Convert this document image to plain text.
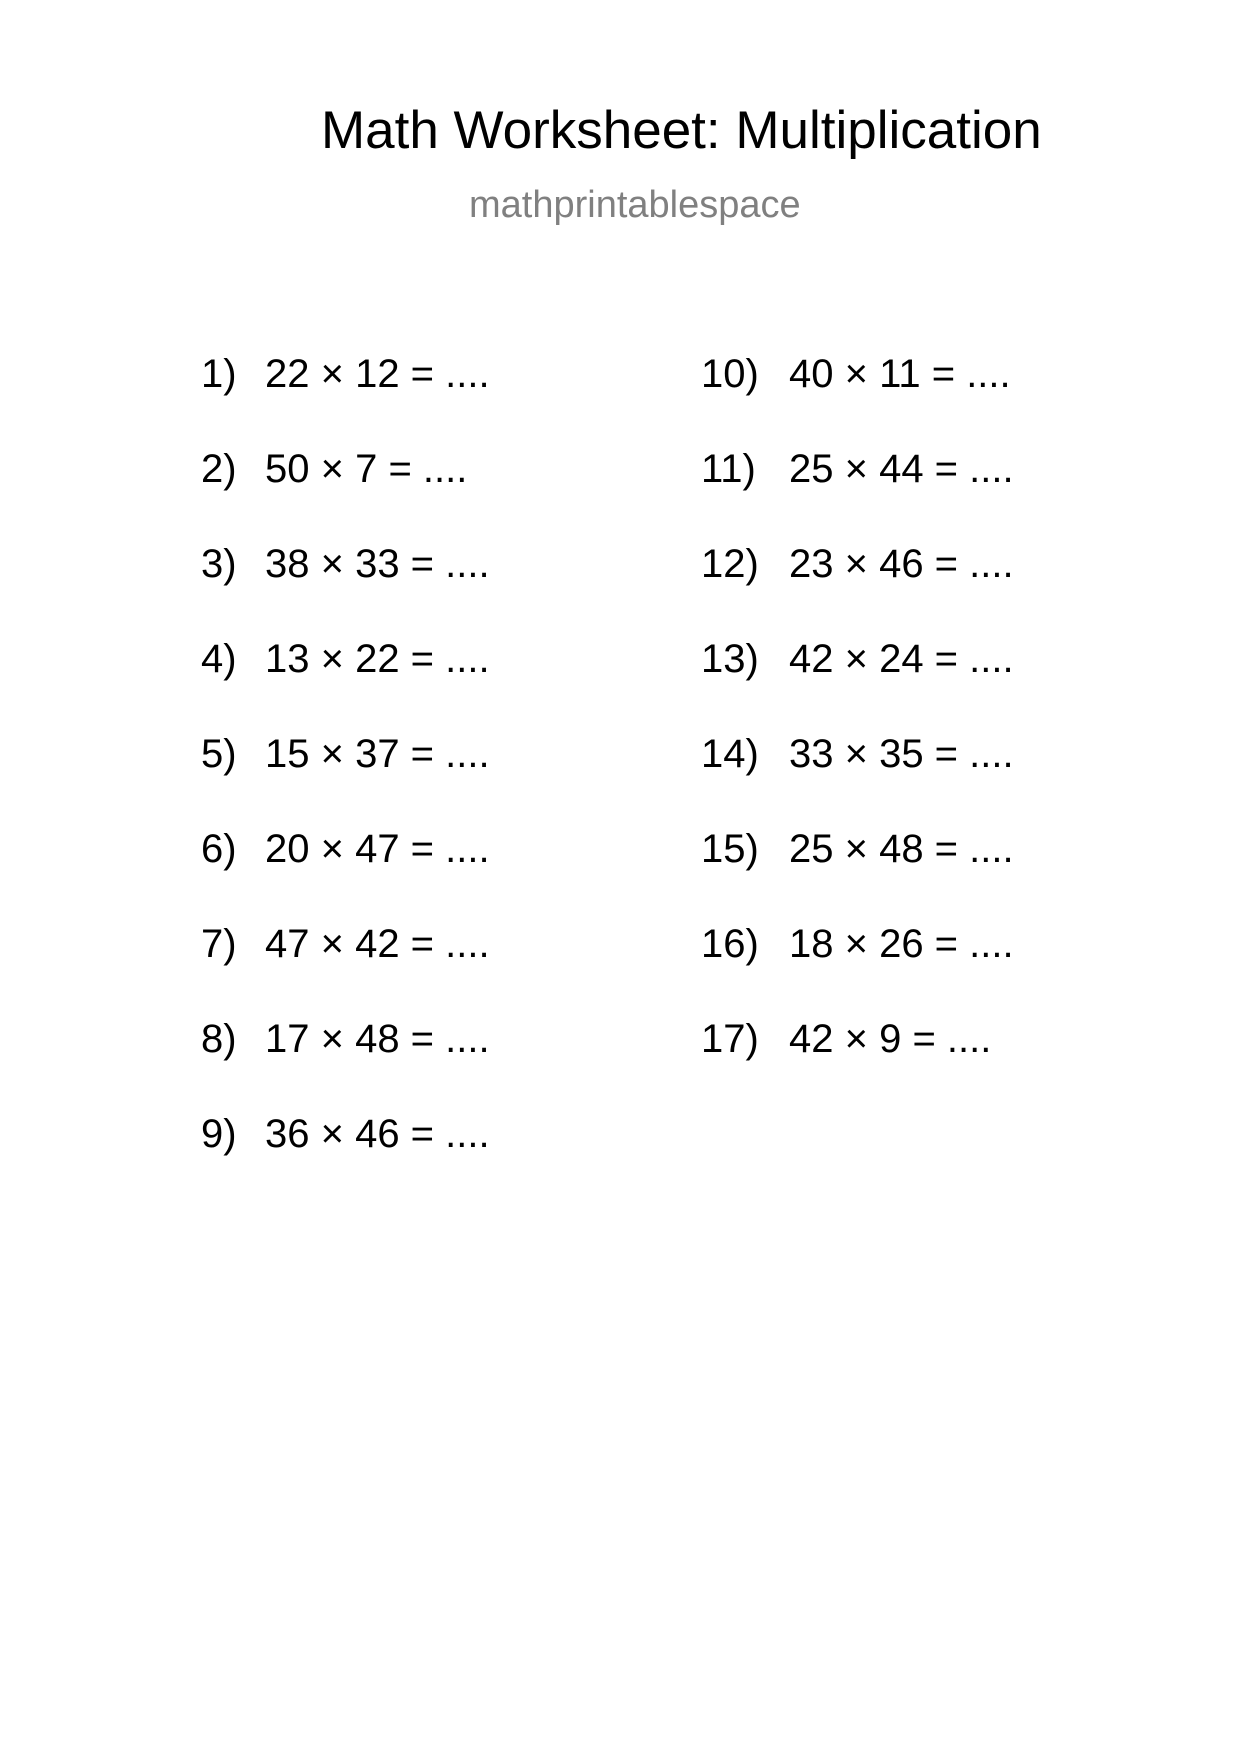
Math Worksheet: Multiplication
mathprintablespace
1) 22 × 12 = ....
2) 50 × 7 = ....
3) 38 × 33 = ....
4) 13 × 22 = ....
5) 15 × 37 = ....
6) 20 × 47 = ....
7) 47 × 42 = ....
8) 17 × 48 = ....
9) 36 × 46 = ....
10) 40 × 11 = ....
11) 25 × 44 = ....
12) 23 × 46 = ....
13) 42 × 24 = ....
14) 33 × 35 = ....
15) 25 × 48 = ....
16) 18 × 26 = ....
17) 42 × 9 = ....
